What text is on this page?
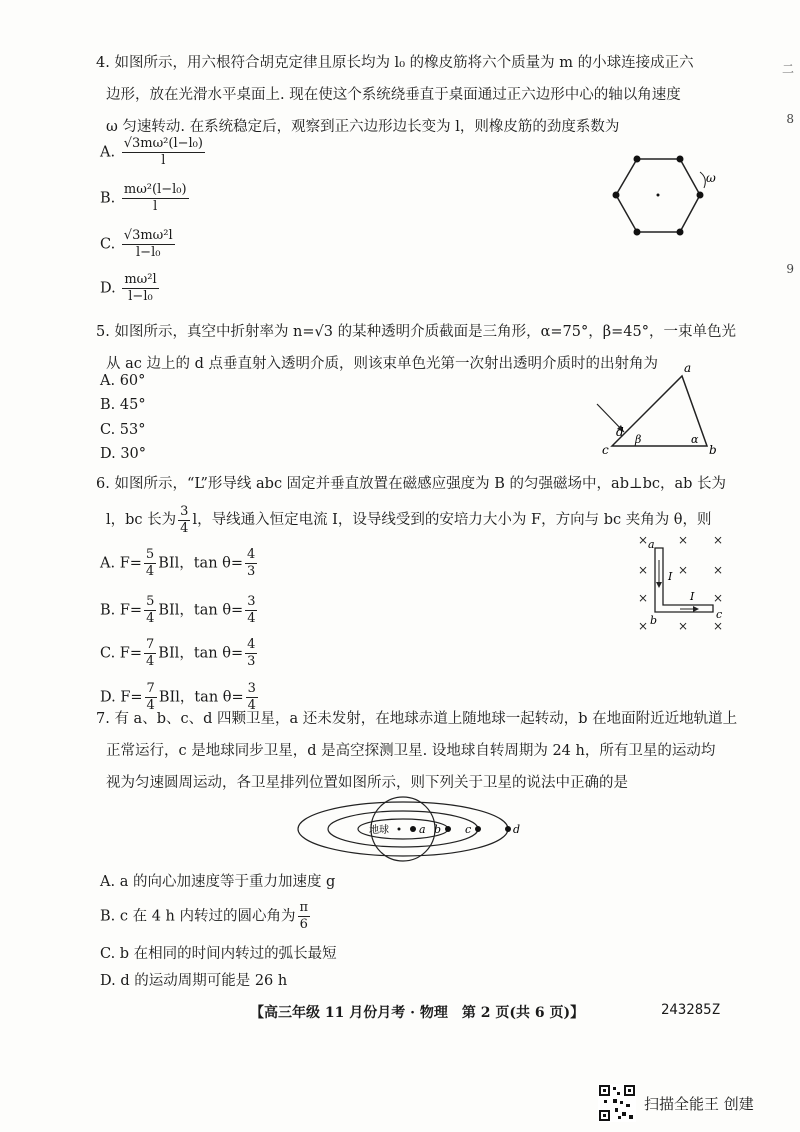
二
8
9
4. 如图所示，用六根符合胡克定律且原长均为 l₀ 的橡皮筋将六个质量为 m 的小球连接成正六
边形，放在光滑水平桌面上. 现在使这个系统绕垂直于桌面通过正六边形中心的轴以角速度
ω 匀速转动. 在系统稳定后，观察到正六边形边长变为 l，则橡皮筋的劲度系数为
A. $\frac{\text{√3mω²(l−l₀)}}{l}$
B. $\frac{\text{mω²(l−l₀)}}{l}$
C. $\frac{\text{√3mω²l}}{\text{l−l₀}}$
D. $\frac{\text{mω²l}}{\text{l−l₀}}$
ω
5. 如图所示，真空中折射率为 n=√3 的某种透明介质截面是三角形，α=75°，β=45°，一束单色光
从 ac 边上的 d 点垂直射入透明介质，则该束单色光第一次射出透明介质时的出射角为
A. 60°
B. 45°
C. 53°
D. 30°
a
b
c
d
α
β
6. 如图所示，“L”形导线 abc 固定并垂直放置在磁感应强度为 B 的匀强磁场中，ab⊥bc，ab 长为
l，bc 长为 $\frac{3}{4}$ l，导线通入恒定电流 I，设导线受到的安培力大小为 F，方向与 bc 夹角为 θ，则
A. $F= \frac{5}{4}$ BIl，$\tan \theta= \frac{4}{3}$
B. $F= \frac{5}{4}$ BIl，$\tan \theta= \frac{3}{4}$
C. $F= \frac{7}{4}$ BIl，$\tan \theta= \frac{4}{3}$
D. $F= \frac{7}{4}$ BIl，$\tan \theta= \frac{3}{4}$
× × ×
× × ×
×	×
× × ×
a
b	c
I
I
7. 有 a、b、c、d 四颗卫星，a 还未发射，在地球赤道上随地球一起转动，b 在地面附近近地轨道上
正常运行，c 是地球同步卫星，d 是高空探测卫星. 设地球自转周期为 24 h，所有卫星的运动均
视为匀速圆周运动，各卫星排列位置如图所示，则下列关于卫星的说法中正确的是
地球	a b c	d
A. a 的向心加速度等于重力加速度 g
B. c 在 4 h 内转过的圆心角为 $\frac{\pi}{6}$
C. b 在相同的时间内转过的弧长最短
D. d 的运动周期可能是 26 h
【高三年级 11 月份月考 · 物理　第 2 页(共 6 页)】	243285Z
扫描全能王 创建
